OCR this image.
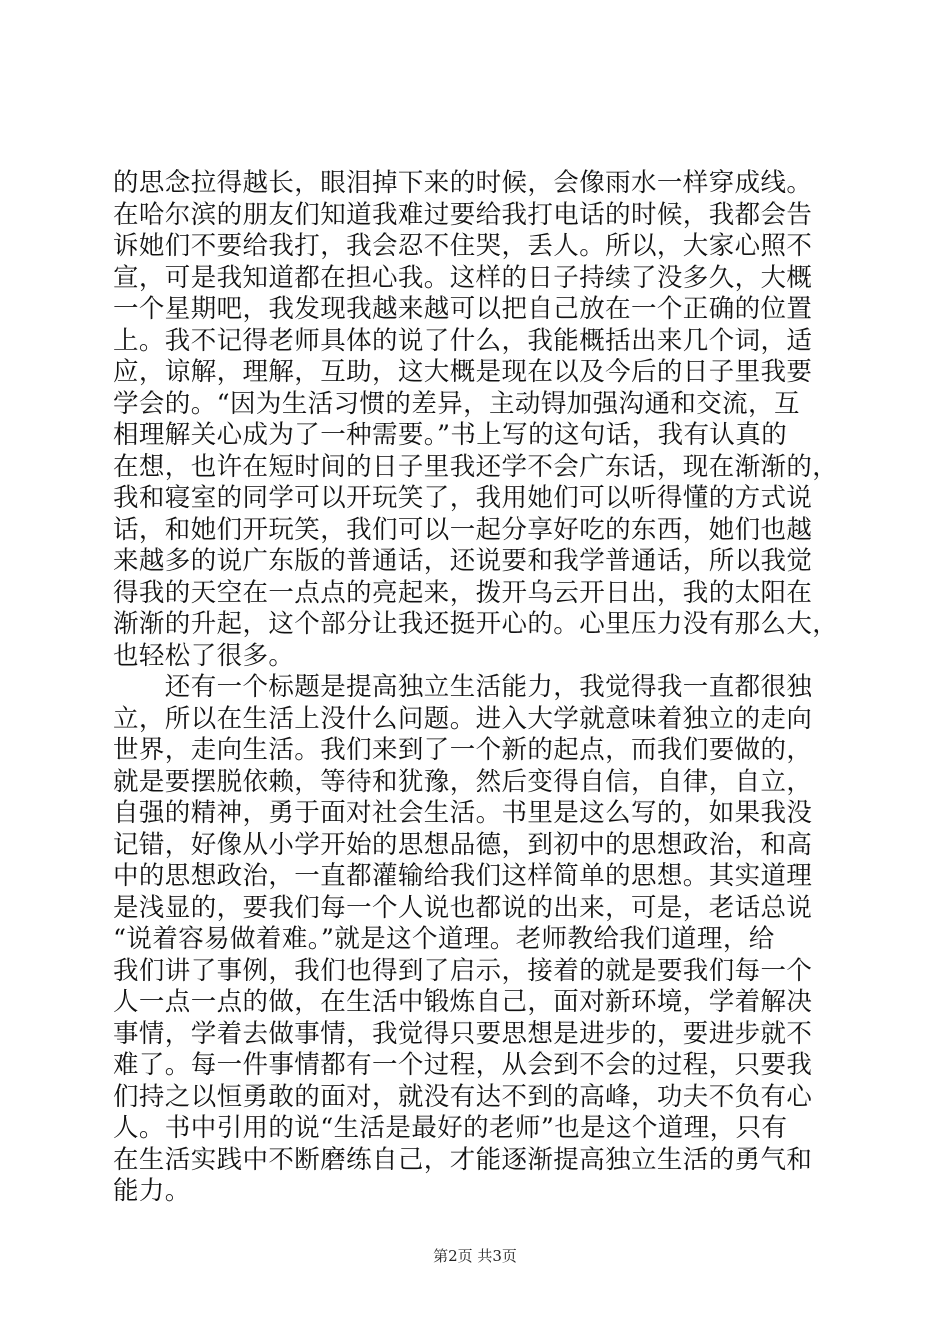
的思念拉得越长，眼泪掉下来的时候，会像雨水一样穿成线。
在哈尔滨的朋友们知道我难过要给我打电话的时候，我都会告
诉她们不要给我打，我会忍不住哭，丢人。所以，大家心照不
宣，可是我知道都在担心我。这样的日子持续了没多久，大概
一个星期吧，我发现我越来越可以把自己放在一个正确的位置
上。我不记得老师具体的说了什么，我能概括出来几个词，适
应，谅解，理解，互助，这大概是现在以及今后的日子里我要
学会的。“因为生活习惯的差异，主动锝加强沟通和交流，互
相理解关心成为了一种需要。”书上写的这句话，我有认真的
在想，也许在短时间的日子里我还学不会广东话，现在渐渐的，
我和寝室的同学可以开玩笑了，我用她们可以听得懂的方式说
话，和她们开玩笑，我们可以一起分享好吃的东西，她们也越
来越多的说广东版的普通话，还说要和我学普通话，所以我觉
得我的天空在一点点的亮起来，拨开乌云开日出，我的太阳在
渐渐的升起，这个部分让我还挺开心的。心里压力没有那么大，
也轻松了很多。
　　还有一个标题是提高独立生活能力，我觉得我一直都很独
立，所以在生活上没什么问题。进入大学就意味着独立的走向
世界，走向生活。我们来到了一个新的起点，而我们要做的，
就是要摆脱依赖，等待和犹豫，然后变得自信，自律，自立，
自强的精神，勇于面对社会生活。书里是这么写的，如果我没
记错，好像从小学开始的思想品德，到初中的思想政治，和高
中的思想政治，一直都灌输给我们这样简单的思想。其实道理
是浅显的，要我们每一个人说也都说的出来，可是，老话总说
“说着容易做着难。”就是这个道理。老师教给我们道理，给
我们讲了事例，我们也得到了启示，接着的就是要我们每一个
人一点一点的做，在生活中锻炼自己，面对新环境，学着解决
事情，学着去做事情，我觉得只要思想是进步的，要进步就不
难了。每一件事情都有一个过程，从会到不会的过程，只要我
们持之以恒勇敢的面对，就没有达不到的高峰，功夫不负有心
人。书中引用的说“生活是最好的老师”也是这个道理，只有
在生活实践中不断磨练自己，才能逐渐提高独立生活的勇气和
能力。
第2页 共3页
